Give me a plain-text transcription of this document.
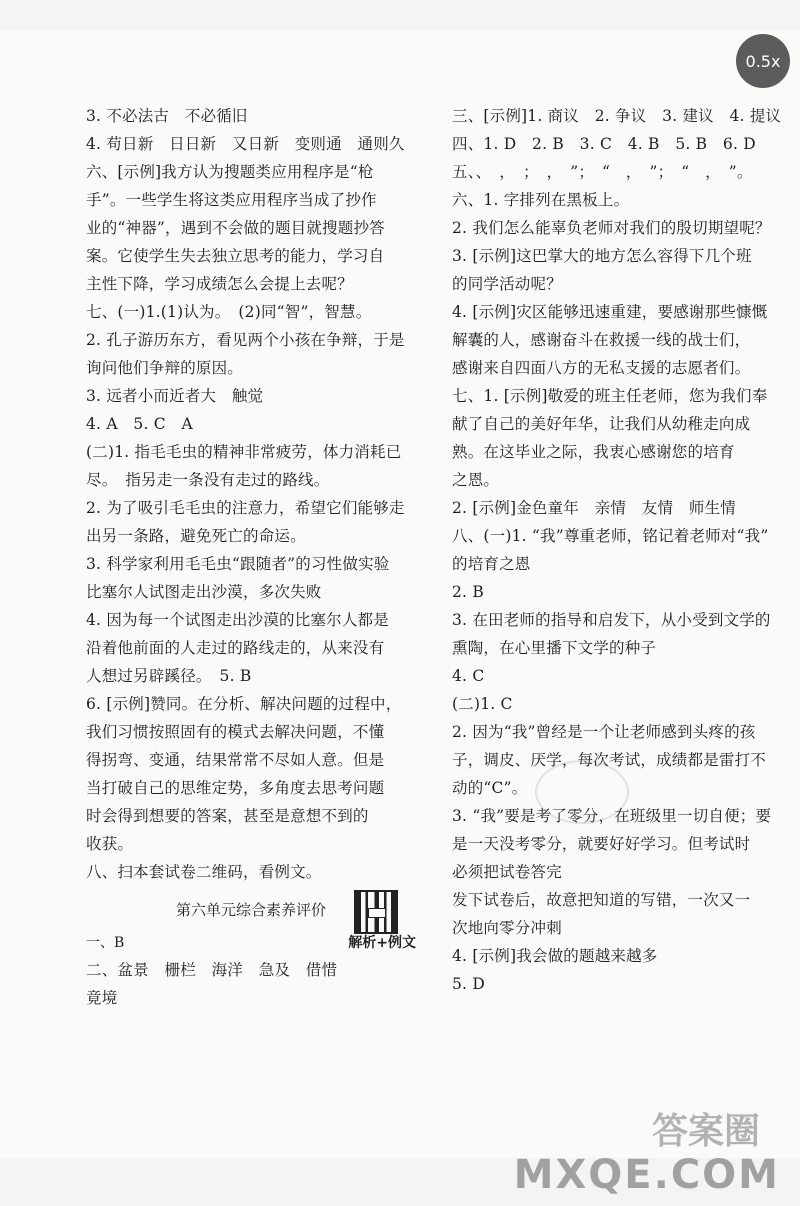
3. 不必法古　不必循旧
4. 苟日新　日日新　又日新　变则通　通则久
六、[示例]我方认为搜题类应用程序是“枪
手”。一些学生将这类应用程序当成了抄作
业的“神器”，遇到不会做的题目就搜题抄答
案。它使学生失去独立思考的能力，学习自
主性下降，学习成绩怎么会提上去呢？
七、(一)1.(1)认为。　(2)同“智”，智慧。
2. 孔子游历东方，看见两个小孩在争辩，于是
询问他们争辩的原因。
3. 远者小而近者大　触觉
4. A　5. C　A
(二)1. 指毛毛虫的精神非常疲劳，体力消耗已
尽。　指另走一条没有走过的路线。
2. 为了吸引毛毛虫的注意力，希望它们能够走
出另一条路，避免死亡的命运。
3. 科学家利用毛毛虫“跟随者”的习性做实验
比塞尔人试图走出沙漠，多次失败
4. 因为每一个试图走出沙漠的比塞尔人都是
沿着他前面的人走过的路线走的，从来没有
人想过另辟蹊径。　5. B
6. [示例]赞同。在分析、解决问题的过程中，
我们习惯按照固有的模式去解决问题，不懂
得拐弯、变通，结果常常不尽如人意。但是
当打破自己的思维定势，多角度去思考问题
时会得到想要的答案，甚至是意想不到的
收获。
八、扫本套试卷二维码，看例文。
第六单元综合素养评价
一、B	解析+例文
二、盆景　栅栏　海洋　急及　借惜
竟境
三、[示例]1. 商议　2. 争议　3. 建议　4. 提议
四、1. D　2. B　3. C　4. B　5. B　6. D
五、、　，　；　，　”；　“　，　”；　“　，　”。
六、1. 字排列在黑板上。
2. 我们怎么能辜负老师对我们的殷切期望呢？
3. [示例]这巴掌大的地方怎么容得下几个班
的同学活动呢？
4. [示例]灾区能够迅速重建，要感谢那些慷慨
解囊的人，感谢奋斗在救援一线的战士们，
感谢来自四面八方的无私支援的志愿者们。
七、1. [示例]敬爱的班主任老师，您为我们奉
献了自己的美好年华，让我们从幼稚走向成
熟。在这毕业之际，我衷心感谢您的培育
之恩。
2. [示例]金色童年　亲情　友情　师生情
八、(一)1. “我”尊重老师，铭记着老师对“我”
的培育之恩
2. B
3. 在田老师的指导和启发下，从小受到文学的
熏陶，在心里播下文学的种子
4. C
(二)1. C
2. 因为“我”曾经是一个让老师感到头疼的孩
子，调皮、厌学，每次考试，成绩都是雷打不
动的“C”。
3. “我”要是考了零分，在班级里一切自便；要
是一天没考零分，就要好好学习。但考试时
必须把试卷答完
发下试卷后，故意把知道的写错，一次又一
次地向零分冲刺
4. [示例]我会做的题越来越多
5. D
0.5x
答案圈
MXQE.COM
